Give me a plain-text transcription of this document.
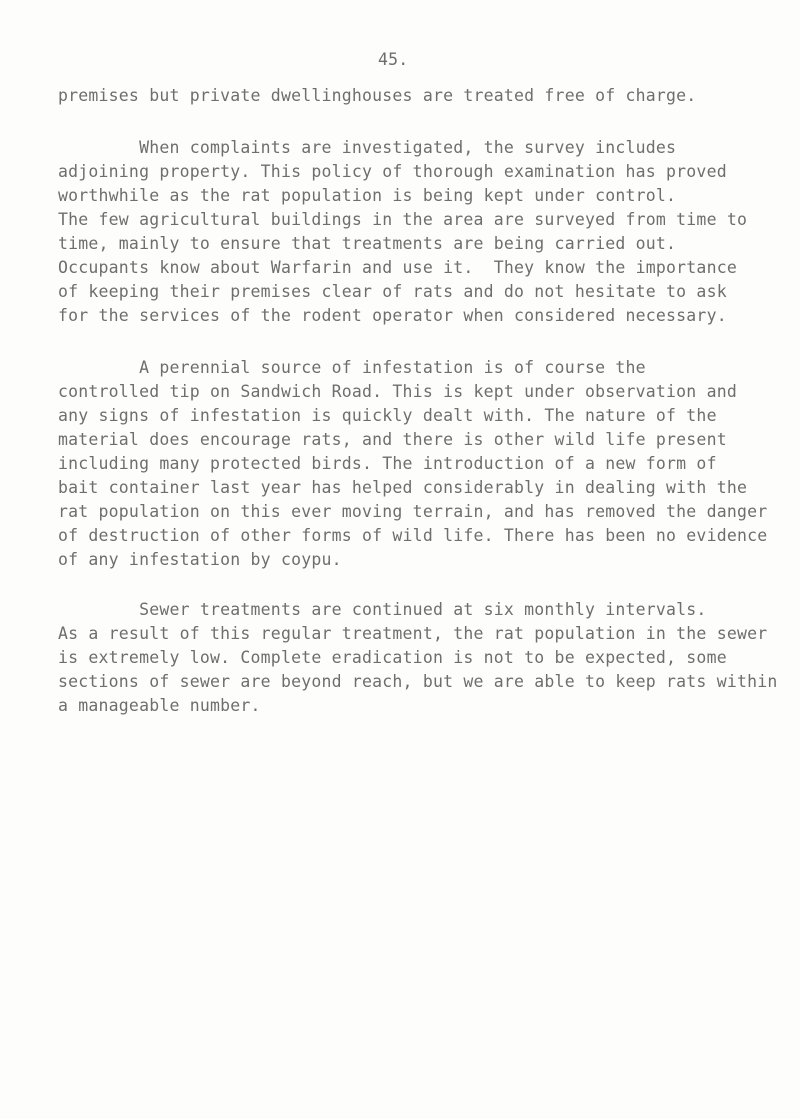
45.
premises but private dwellinghouses are treated free of charge.
When complaints are investigated, the survey includes
adjoining property. This policy of thorough examination has proved
worthwhile as the rat population is being kept under control.
The few agricultural buildings in the area are surveyed from time to
time, mainly to ensure that treatments are being carried out.
Occupants know about Warfarin and use it.  They know the importance
of keeping their premises clear of rats and do not hesitate to ask
for the services of the rodent operator when considered necessary.
A perennial source of infestation is of course the
controlled tip on Sandwich Road. This is kept under observation and
any signs of infestation is quickly dealt with. The nature of the
material does encourage rats, and there is other wild life present
including many protected birds. The introduction of a new form of
bait container last year has helped considerably in dealing with the
rat population on this ever moving terrain, and has removed the danger
of destruction of other forms of wild life. There has been no evidence
of any infestation by coypu.
Sewer treatments are continued at six monthly intervals.
As a result of this regular treatment, the rat population in the sewer
is extremely low. Complete eradication is not to be expected, some
sections of sewer are beyond reach, but we are able to keep rats within
a manageable number.
